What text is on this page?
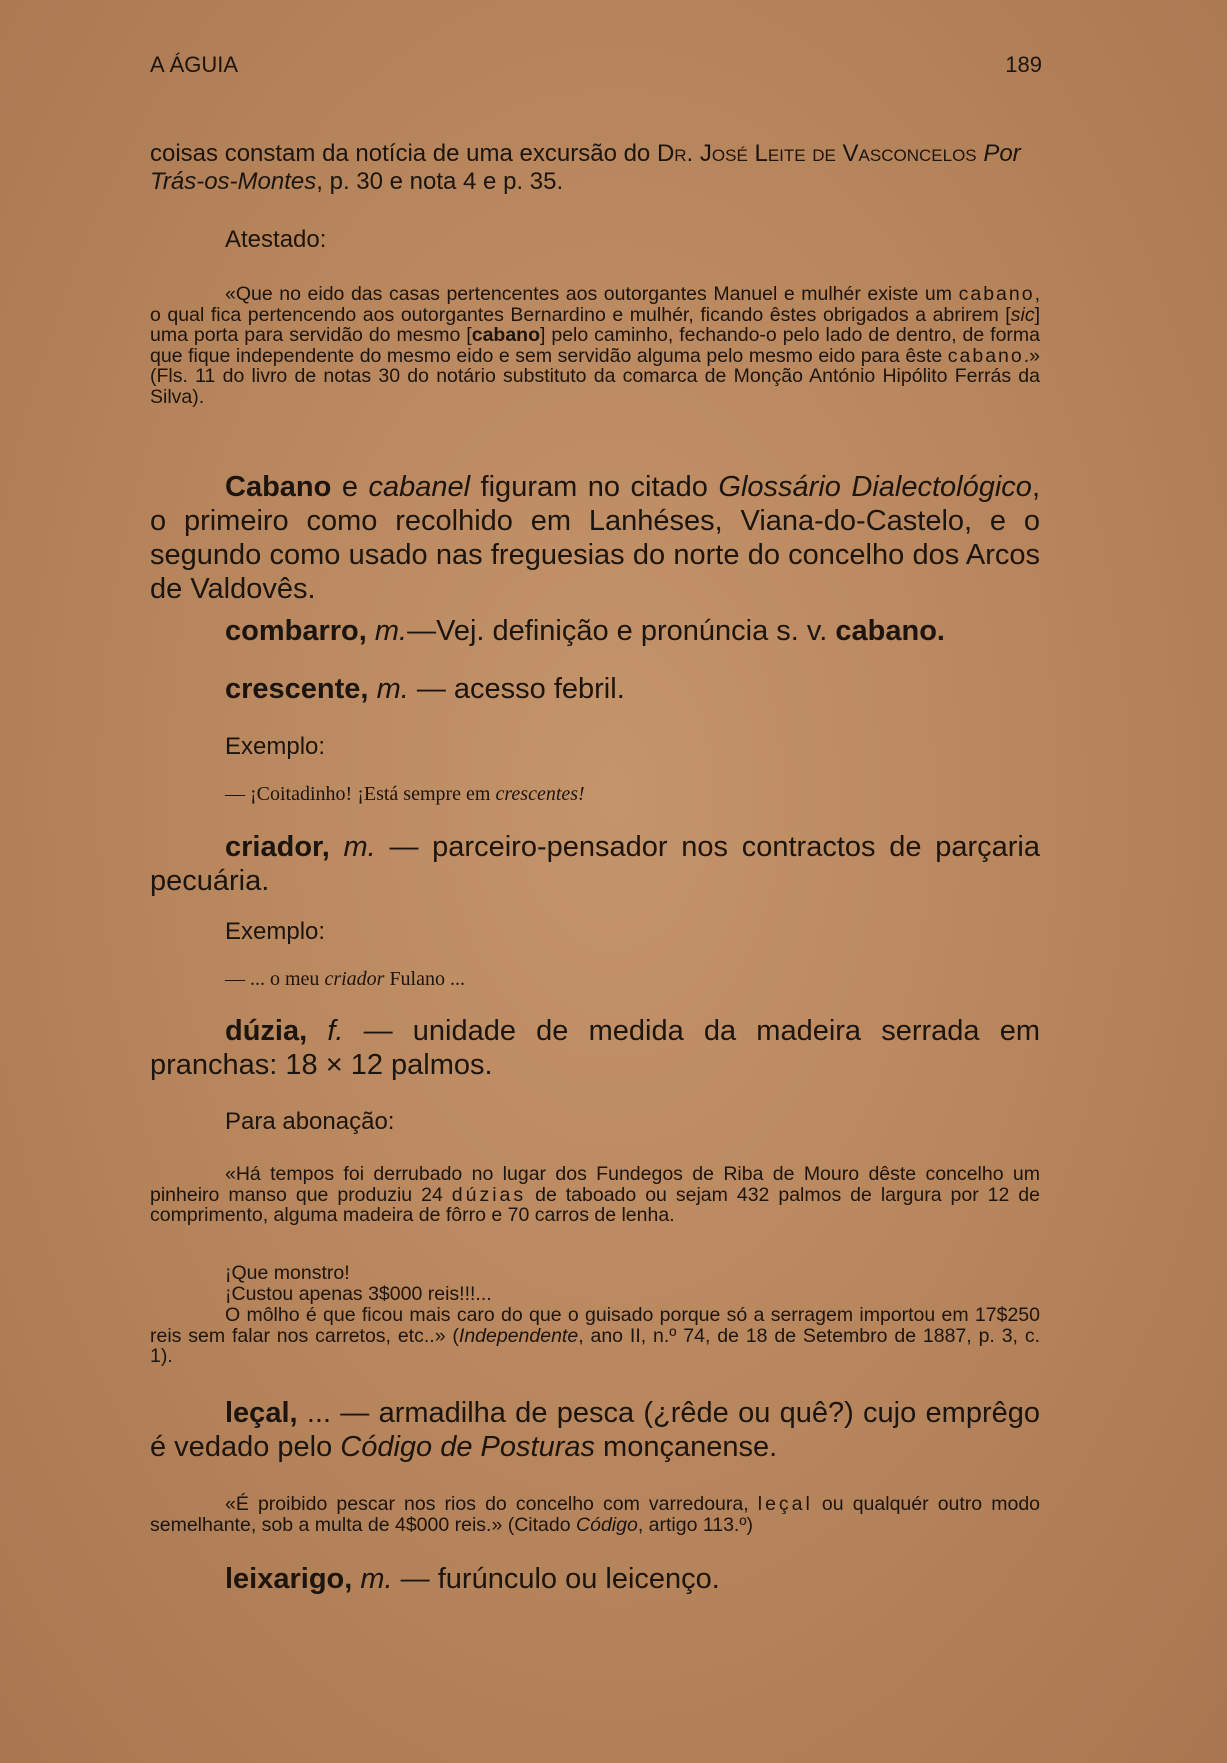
A ÁGUIA	189
coisas constam da notícia de uma excursão do Dr. José Leite de Vasconcelos Por Trás-os-Montes, p. 30 e nota 4 e p. 35.
Atestado:
«Que no eido das casas pertencentes aos outorgantes Manuel e mulhér existe um cabano, o qual fica pertencendo aos outorgantes Bernardino e mulhér, ficando êstes obrigados a abrirem [sic] uma porta para servidão do mesmo [cabano] pelo caminho, fechando-o pelo lado de dentro, de forma que fique independente do mesmo eido e sem servidão alguma pelo mesmo eido para êste cabano.» (Fls. 11 do livro de notas 30 do notário substituto da comarca de Monção António Hipólito Ferrás da Silva).
Cabano e cabanel figuram no citado Glossário Dialectológico, o primeiro como recolhido em Lanhéses, Viana-do-Castelo, e o segundo como usado nas freguesias do norte do concelho dos Arcos de Valdovês.
combarro, m.—Vej. definição e pronúncia s. v. cabano.
crescente, m. — acesso febril.
Exemplo:
— ¡Coitadinho! ¡Está sempre em crescentes!
criador, m. — parceiro-pensador nos contractos de parçaria pecuária.
Exemplo:
— ... o meu criador Fulano ...
dúzia, f. — unidade de medida da madeira serrada em pranchas: 18 × 12 palmos.
Para abonação:
«Há tempos foi derrubado no lugar dos Fundegos de Riba de Mouro dêste concelho um pinheiro manso que produziu 24 dúzias de taboado ou sejam 432 palmos de largura por 12 de comprimento, alguma madeira de fôrro e 70 carros de lenha.
¡Que monstro!
¡Custou apenas 3$000 reis!!!...
O môlho é que ficou mais caro do que o guisado porque só a serragem importou em 17$250 reis sem falar nos carretos, etc..» (Independente, ano II, n.º 74, de 18 de Setembro de 1887, p. 3, c. 1).
leçal, ... — armadilha de pesca (¿rêde ou quê?) cujo emprêgo é vedado pelo Código de Posturas monçanense.
«É proibido pescar nos rios do concelho com varredoura, leçal ou qualquér outro modo semelhante, sob a multa de 4$000 reis.» (Citado Código, artigo 113.º)
leixarigo, m. — furúnculo ou leicenço.
